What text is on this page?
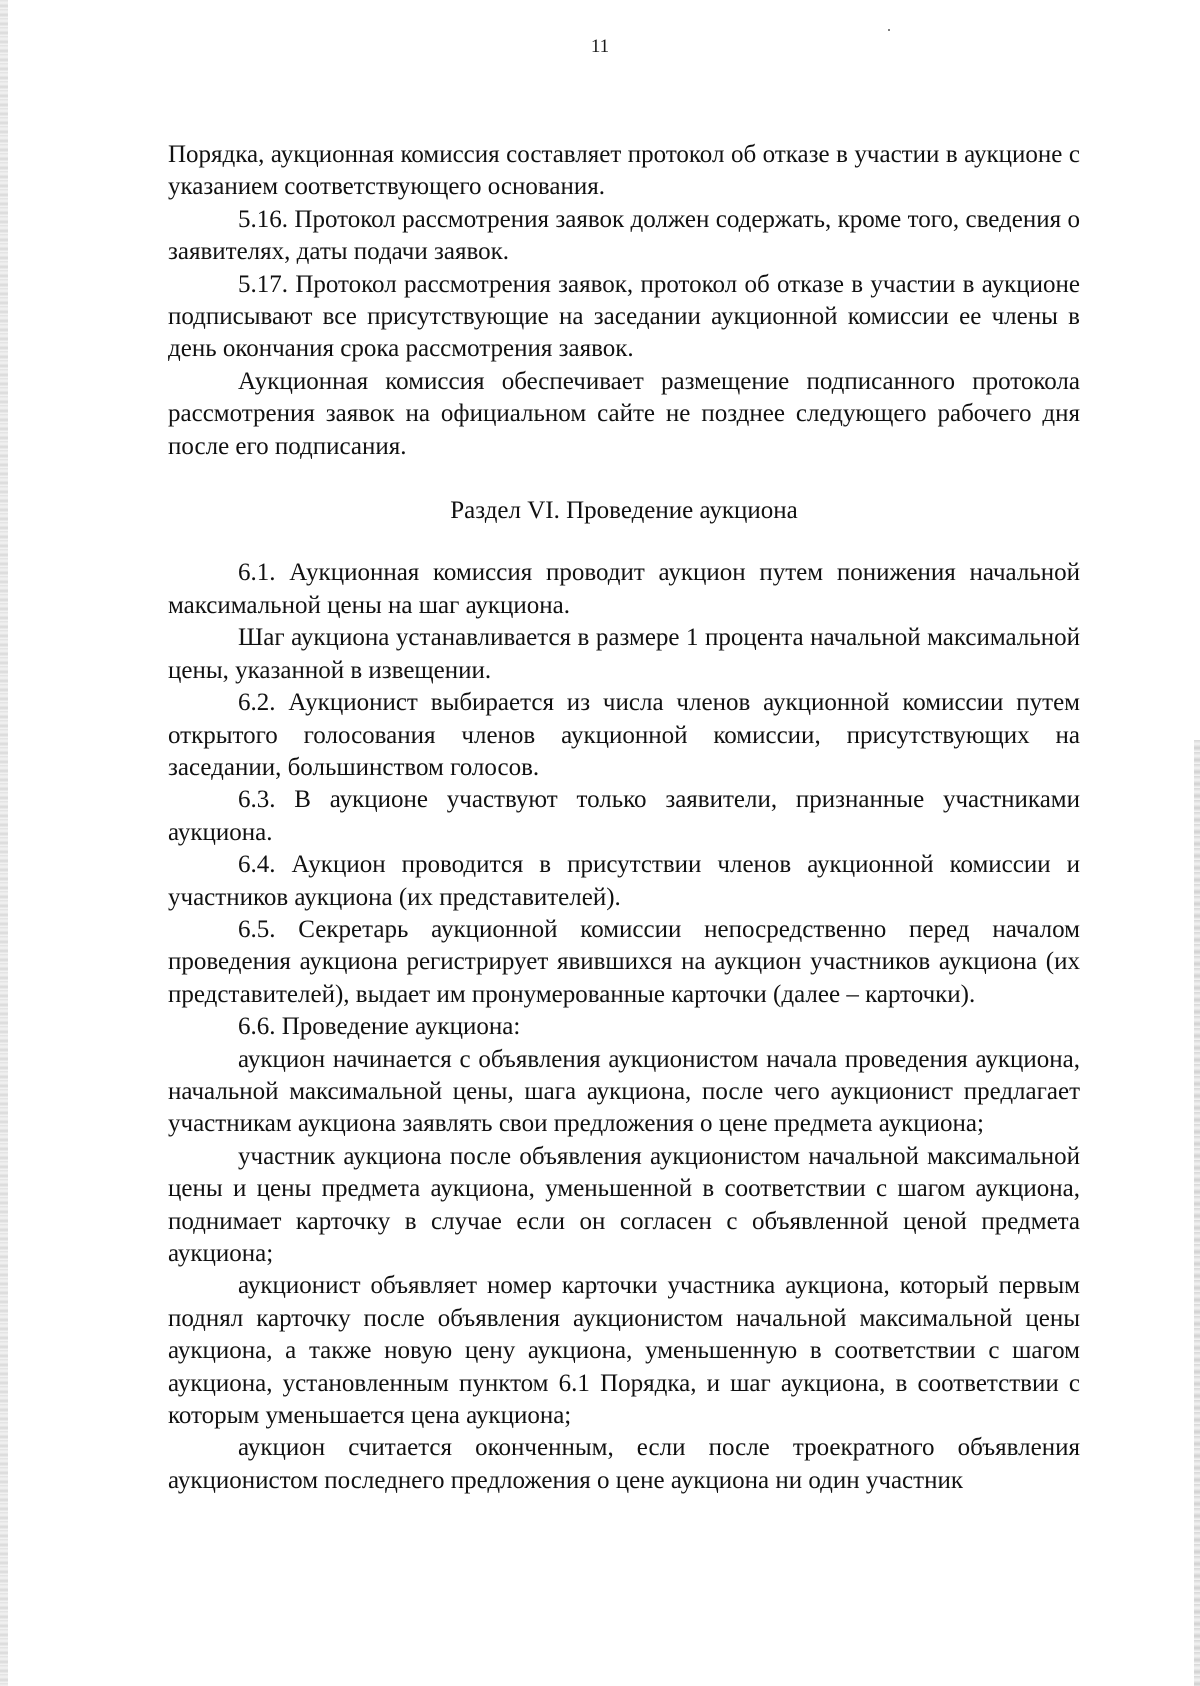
11

Порядка, аукционная комиссия составляет протокол об отказе в участии в аукционе с указанием соответствующего основания.

5.16. Протокол рассмотрения заявок должен содержать, кроме того, сведения о заявителях, даты подачи заявок.

5.17. Протокол рассмотрения заявок, протокол об отказе в участии в аукционе подписывают все присутствующие на заседании аукционной комиссии ее члены в день окончания срока рассмотрения заявок.

Аукционная комиссия обеспечивает размещение подписанного протокола рассмотрения заявок на официальном сайте не позднее следующего рабочего дня после его подписания.

Раздел VI. Проведение аукциона

6.1. Аукционная комиссия проводит аукцион путем понижения начальной максимальной цены на шаг аукциона.

Шаг аукциона устанавливается в размере 1 процента начальной максимальной цены, указанной в извещении.

6.2. Аукционист выбирается из числа членов аукционной комиссии путем открытого голосования членов аукционной комиссии, присутствующих на заседании, большинством голосов.

6.3. В аукционе участвуют только заявители, признанные участниками аукциона.

6.4. Аукцион проводится в присутствии членов аукционной комиссии и участников аукциона (их представителей).

6.5. Секретарь аукционной комиссии непосредственно перед началом проведения аукциона регистрирует явившихся на аукцион участников аукциона (их представителей), выдает им пронумерованные карточки (далее – карточки).

6.6. Проведение аукциона:

аукцион начинается с объявления аукционистом начала проведения аукциона, начальной максимальной цены, шага аукциона, после чего аукционист предлагает участникам аукциона заявлять свои предложения о цене предмета аукциона;

участник аукциона после объявления аукционистом начальной максимальной цены и цены предмета аукциона, уменьшенной в соответствии с шагом аукциона, поднимает карточку в случае если он согласен с объявленной ценой предмета аукциона;

аукционист объявляет номер карточки участника аукциона, который первым поднял карточку после объявления аукционистом начальной максимальной цены аукциона, а также новую цену аукциона, уменьшенную в соответствии с шагом аукциона, установленным пунктом 6.1 Порядка, и шаг аукциона, в соответствии с которым уменьшается цена аукциона;

аукцион считается оконченным, если после троекратного объявления аукционистом последнего предложения о цене аукциона ни один участник
